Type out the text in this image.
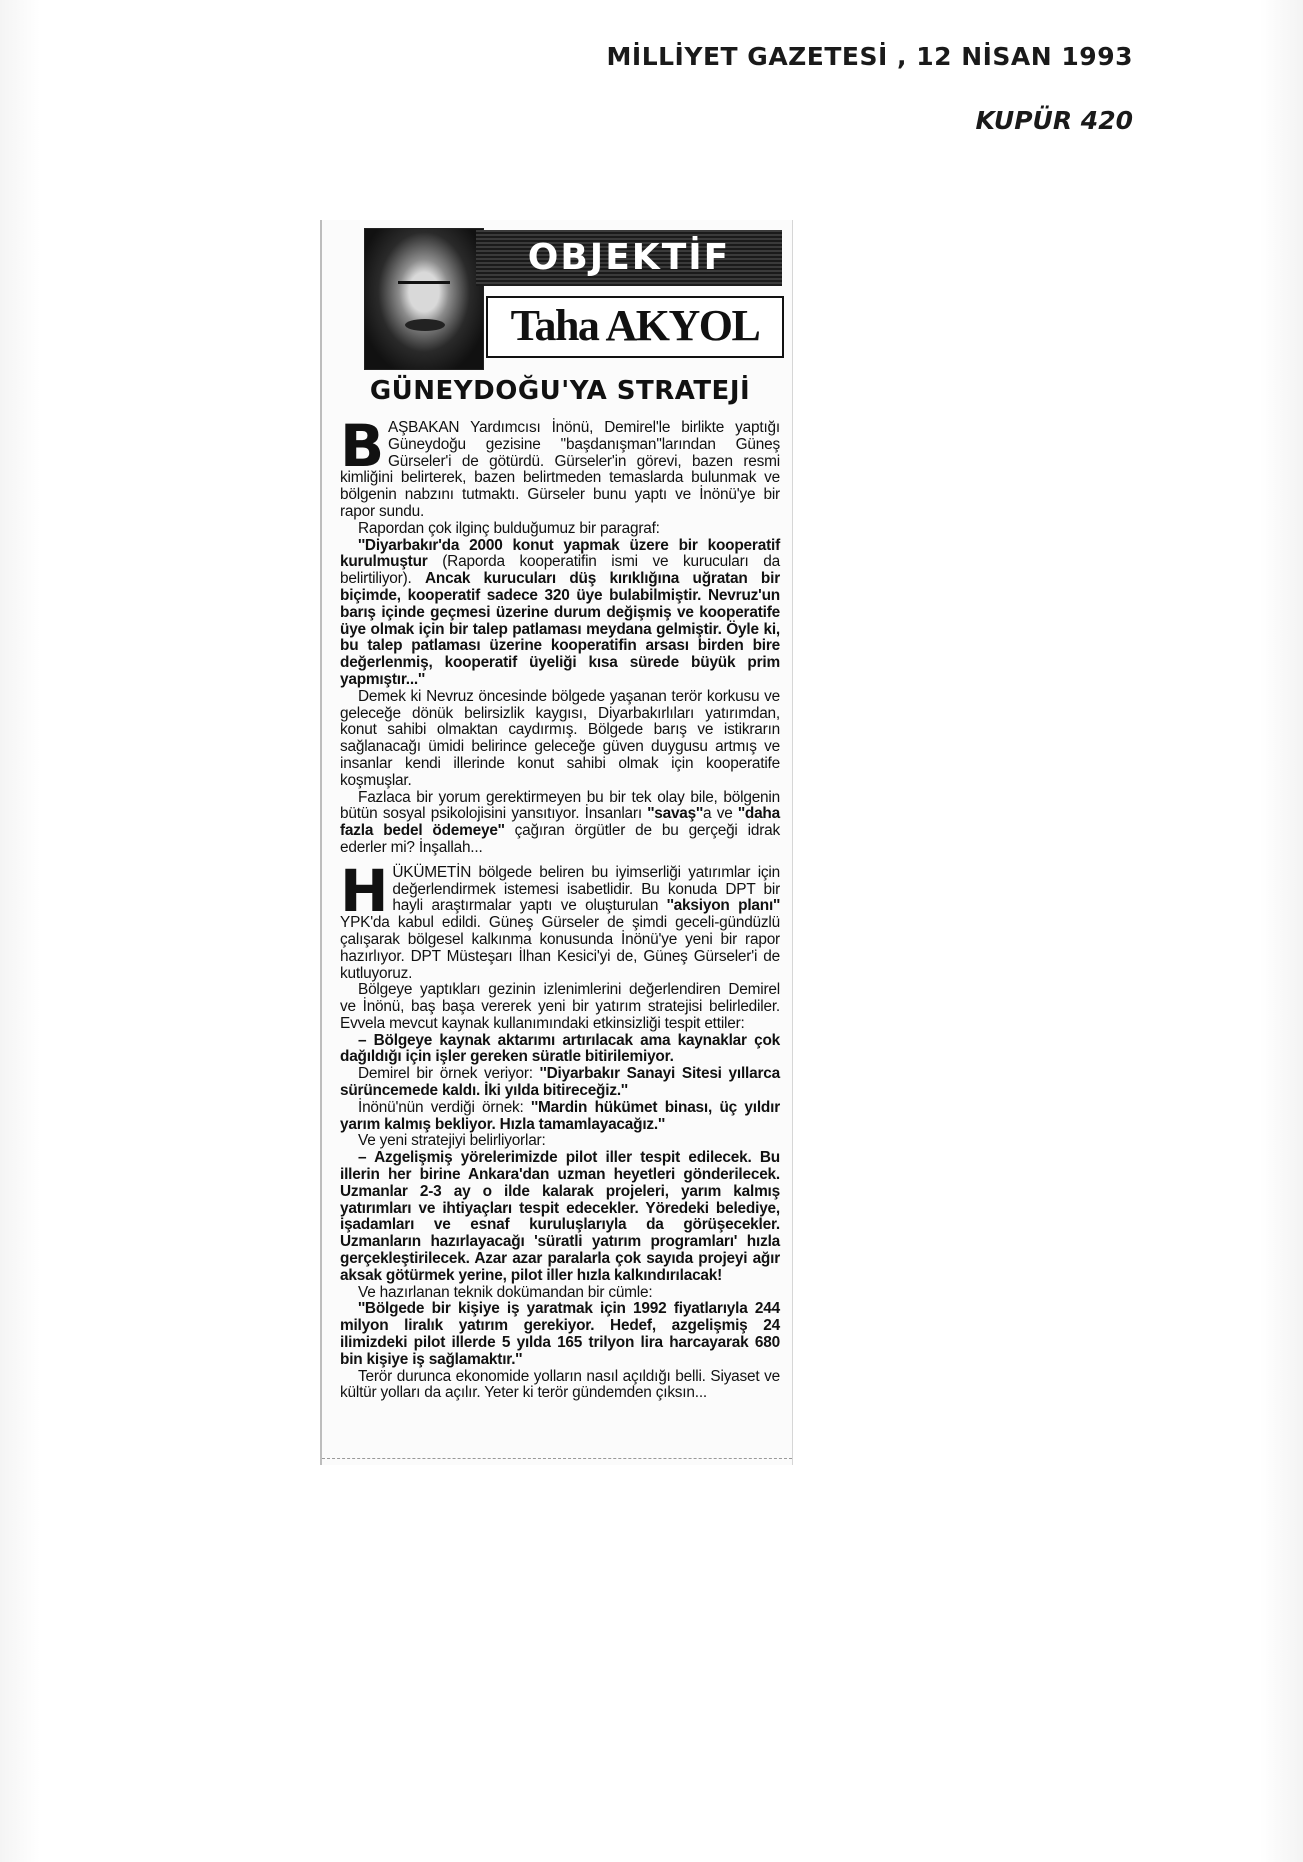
MİLLİYET GAZETESİ , 12 NİSAN 1993
KUPÜR 420
OBJEKTİF
Taha AKYOL
GÜNEYDOĞU'YA STRATEJİ

BAŞBAKAN Yardımcısı İnönü, Demirel'le birlikte yaptığı Güneydoğu gezisine ''başdanışman''larından Güneş Gürseler'i de götürdü. Gürseler'in görevi, bazen resmi kimliğini belirterek, bazen belirtmeden temaslarda bulunmak ve bölgenin nabzını tutmaktı. Gürseler bunu yaptı ve İnönü'ye bir rapor sundu.

Rapordan çok ilginç bulduğumuz bir paragraf:

''Diyarbakır'da 2000 konut yapmak üzere bir kooperatif kurulmuştur (Raporda kooperatifin ismi ve kurucuları da belirtiliyor). Ancak kurucuları düş kırıklığına uğratan bir biçimde, kooperatif sadece 320 üye bulabilmiştir. Nevruz'un barış içinde geçmesi üzerine durum değişmiş ve kooperatife üye olmak için bir talep patlaması meydana gelmiştir. Öyle ki, bu talep patlaması üzerine kooperatifin arsası birden bire değerlenmiş, kooperatif üyeliği kısa sürede büyük prim yapmıştır...''

Demek ki Nevruz öncesinde bölgede yaşanan terör korkusu ve geleceğe dönük belirsizlik kaygısı, Diyarbakırlıları yatırımdan, konut sahibi olmaktan caydırmış. Bölgede barış ve istikrarın sağlanacağı ümidi belirince geleceğe güven duygusu artmış ve insanlar kendi illerinde konut sahibi olmak için kooperatife koşmuşlar.

Fazlaca bir yorum gerektirmeyen bu bir tek olay bile, bölgenin bütün sosyal psikolojisini yansıtıyor. İnsanları ''savaş''a ve ''daha fazla bedel ödemeye'' çağıran örgütler de bu gerçeği idrak ederler mi? İnşallah...

HÜKÜMETİN bölgede beliren bu iyimserliği yatırımlar için değerlendirmek istemesi isabetlidir. Bu konuda DPT bir hayli araştırmalar yaptı ve oluşturulan ''aksiyon planı'' YPK'da kabul edildi. Güneş Gürseler de şimdi geceli-gündüzlü çalışarak bölgesel kalkınma konusunda İnönü'ye yeni bir rapor hazırlıyor. DPT Müsteşarı İlhan Kesici'yi de, Güneş Gürseler'i de kutluyoruz.

Bölgeye yaptıkları gezinin izlenimlerini değerlendiren Demirel ve İnönü, baş başa vererek yeni bir yatırım stratejisi belirlediler. Evvela mevcut kaynak kullanımındaki etkinsizliği tespit ettiler:

– Bölgeye kaynak aktarımı artırılacak ama kaynaklar çok dağıldığı için işler gereken süratle bitirilemiyor.

Demirel bir örnek veriyor: ''Diyarbakır Sanayi Sitesi yıllarca sürüncemede kaldı. İki yılda bitireceğiz.''

İnönü'nün verdiği örnek: ''Mardin hükümet binası, üç yıldır yarım kalmış bekliyor. Hızla tamamlayacağız.''

Ve yeni stratejiyi belirliyorlar:

– Azgelişmiş yörelerimizde pilot iller tespit edilecek. Bu illerin her birine Ankara'dan uzman heyetleri gönderilecek. Uzmanlar 2-3 ay o ilde kalarak projeleri, yarım kalmış yatırımları ve ihtiyaçları tespit edecekler. Yöredeki belediye, işadamları ve esnaf kuruluşlarıyla da görüşecekler. Uzmanların hazırlayacağı 'süratli yatırım programları' hızla gerçekleştirilecek. Azar azar paralarla çok sayıda projeyi ağır aksak götürmek yerine, pilot iller hızla kalkındırılacak!

Ve hazırlanan teknik dokümandan bir cümle:

''Bölgede bir kişiye iş yaratmak için 1992 fiyatlarıyla 244 milyon liralık yatırım gerekiyor. Hedef, azgelişmiş 24 ilimizdeki pilot illerde 5 yılda 165 trilyon lira harcayarak 680 bin kişiye iş sağlamaktır.''

Terör durunca ekonomide yolların nasıl açıldığı belli. Siyaset ve kültür yolları da açılır. Yeter ki terör gündemden çıksın...
